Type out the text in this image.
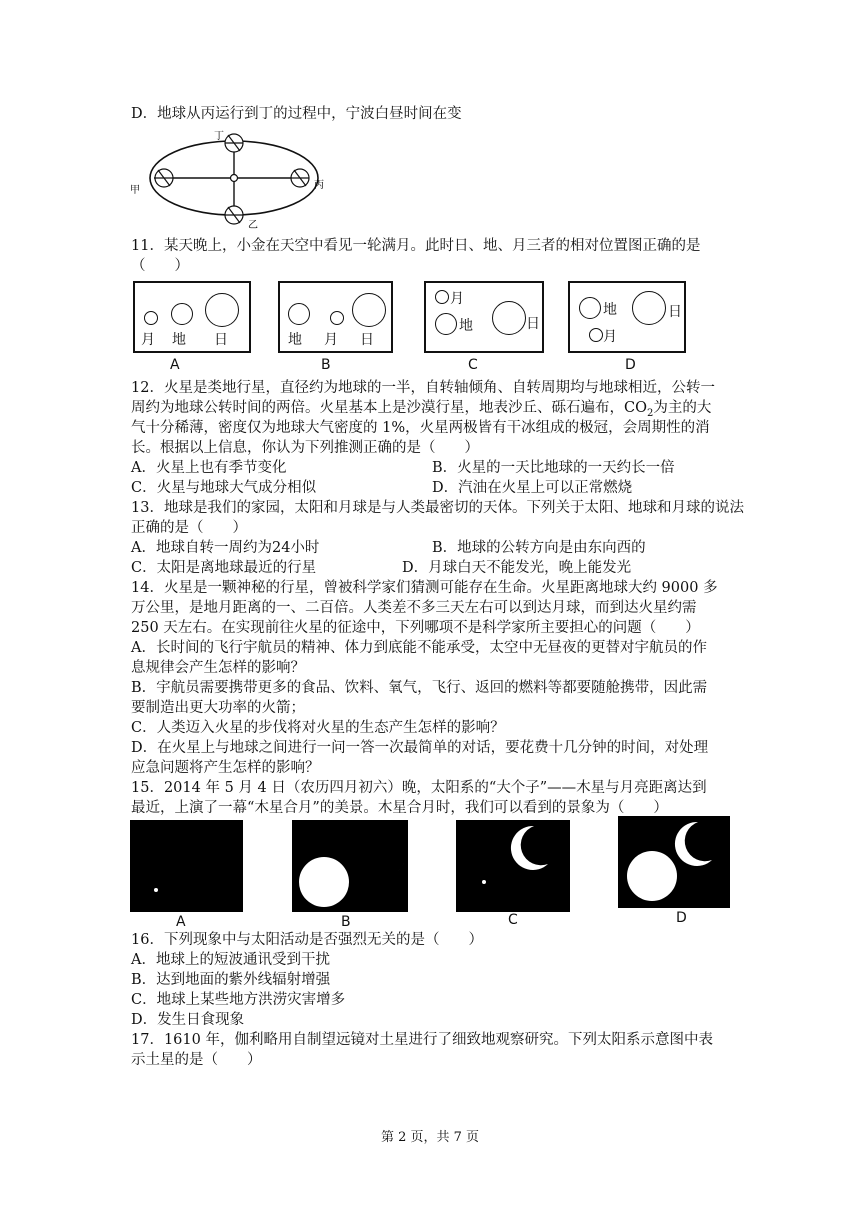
D．地球从丙运行到丁的过程中，宁波白昼时间在变
丁
甲	丙
乙
11．某天晚上，小金在天空中看见一轮满月。此时日、地、月三者的相对位置图正确的是
（　　）
月 地 日
A
地 月 日
B
月
地	日
C
地
月
日
D
12．火星是类地行星，直径约为地球的一半，自转轴倾角、自转周期均与地球相近，公转一
周约为地球公转时间的两倍。火星基本上是沙漠行星，地表沙丘、砾石遍布，$CO_2$为主的大
气十分稀薄，密度仅为地球大气密度的 1%，火星两极皆有干冰组成的极冠，会周期性的消
长。根据以上信息，你认为下列推测正确的是（　　）
A．火星上也有季节变化	B．火星的一天比地球的一天约长一倍
C．火星与地球大气成分相似	D．汽油在火星上可以正常燃烧
13．地球是我们的家园，太阳和月球是与人类最密切的天体。下列关于太阳、地球和月球的说法
正确的是（　　）
A．地球自转一周约为24小时	B．地球的公转方向是由东向西的
C．太阳是离地球最近的行星	D．月球白天不能发光，晚上能发光
14．火星是一颗神秘的行星，曾被科学家们猜测可能存在生命。火星距离地球大约 9000 多
万公里，是地月距离的一、二百倍。人类差不多三天左右可以到达月球，而到达火星约需
250 天左右。在实现前往火星的征途中，下列哪项不是科学家所主要担心的问题（　　）
A．长时间的飞行宇航员的精神、体力到底能不能承受，太空中无昼夜的更替对宇航员的作
息规律会产生怎样的影响？
B．宇航员需要携带更多的食品、饮料、氧气，飞行、返回的燃料等都要随舱携带，因此需
要制造出更大功率的火箭；
C．人类迈入火星的步伐将对火星的生态产生怎样的影响？
D．在火星上与地球之间进行一问一答一次最简单的对话，要花费十几分钟的时间，对处理
应急问题将产生怎样的影响？
15．2014 年 5 月 4 日（农历四月初六）晚，太阳系的“大个子”——木星与月亮距离达到
最近，上演了一幕“木星合月”的美景。木星合月时，我们可以看到的景象为（　　）
A	B	C	D
16．下列现象中与太阳活动是否强烈无关的是（　　）
A．地球上的短波通讯受到干扰
B．达到地面的紫外线辐射增强
C．地球上某些地方洪涝灾害增多
D．发生日食现象
17．1610 年，伽利略用自制望远镜对土星进行了细致地观察研究。下列太阳系示意图中表
示土星的是（　　）
第 2 页，共 7 页
